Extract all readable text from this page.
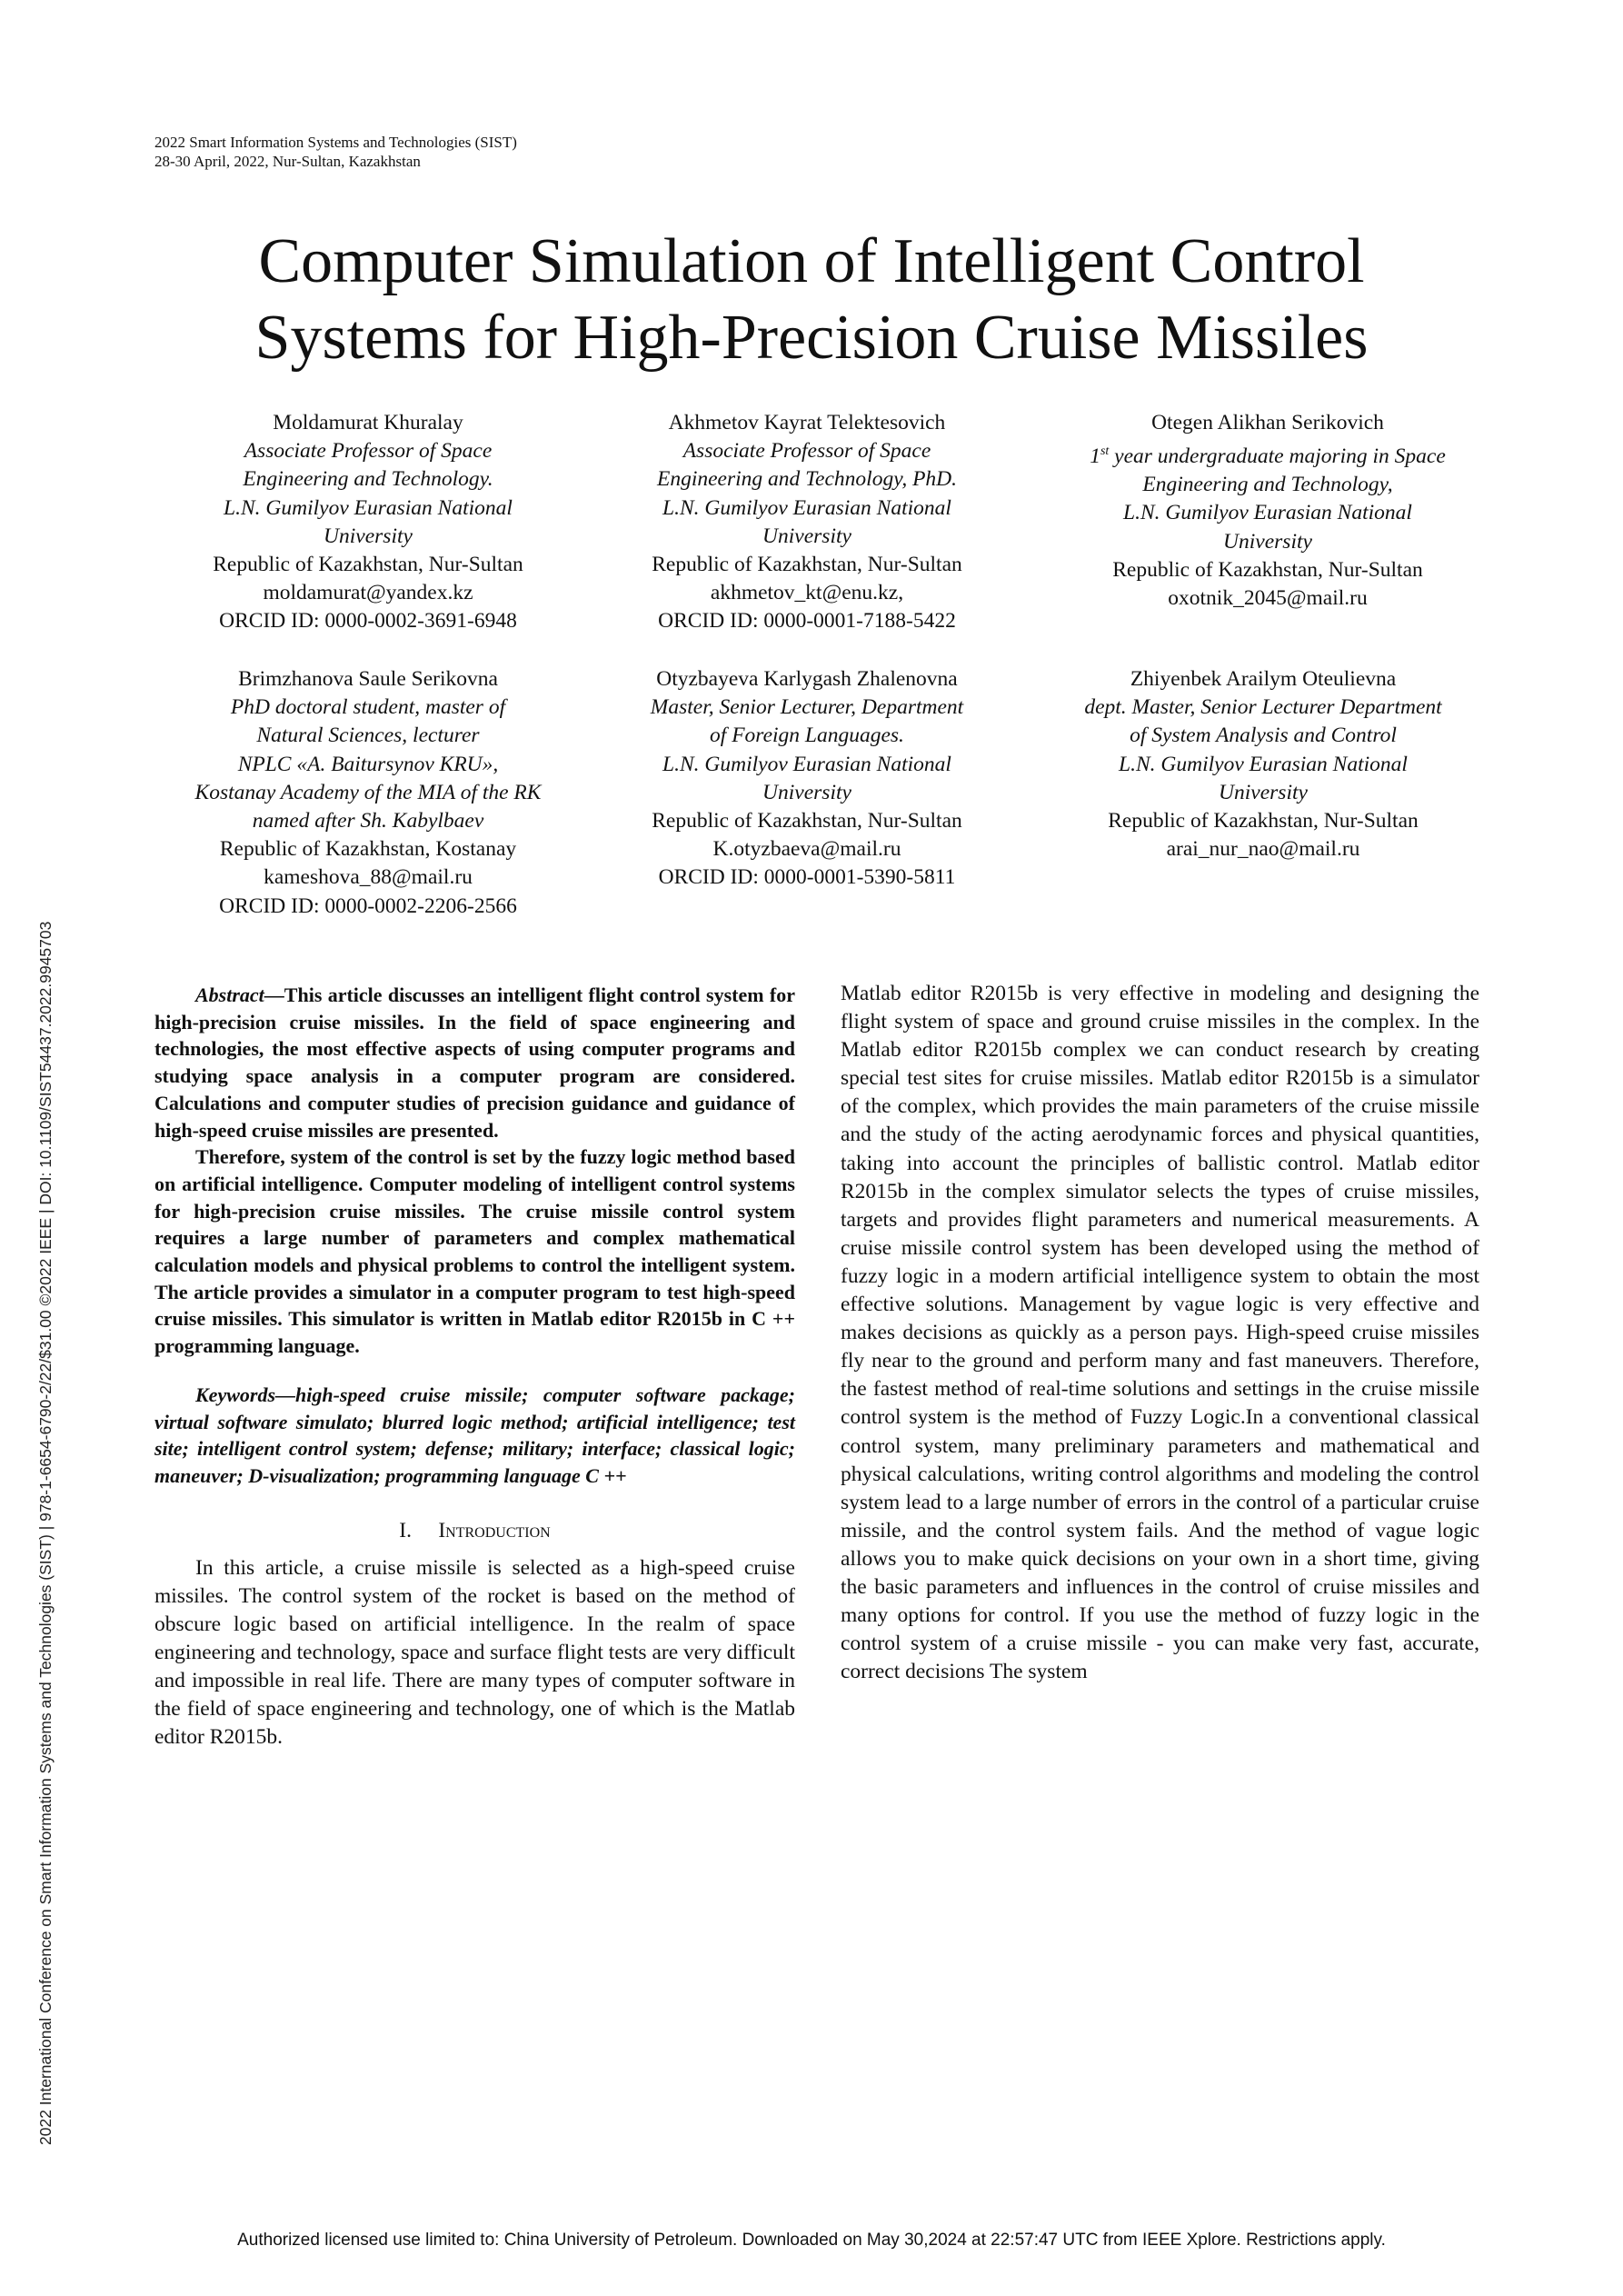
2022 Smart Information Systems and Technologies (SIST)
28-30 April, 2022, Nur-Sultan, Kazakhstan
Computer Simulation of Intelligent Control
Systems for High-Precision Cruise Missiles
Moldamurat Khuralay
Associate Professor of Space
Engineering and Technology.
L.N. Gumilyov Eurasian National
University
Republic of Kazakhstan, Nur-Sultan
moldamurat@yandex.kz
ORCID ID: 0000-0002-3691-6948
Akhmetov Kayrat Telektesovich
Associate Professor of Space
Engineering and Technology, PhD.
L.N. Gumilyov Eurasian National
University
Republic of Kazakhstan, Nur-Sultan
akhmetov_kt@enu.kz,
ORCID ID: 0000-0001-7188-5422
Otegen Alikhan Serikovich
1st year undergraduate majoring in Space
Engineering and Technology,
L.N. Gumilyov Eurasian National
University
Republic of Kazakhstan, Nur-Sultan
oxotnik_2045@mail.ru
Brimzhanova Saule Serikovna
PhD doctoral student, master of
Natural Sciences, lecturer
NPLC «A. Baitursynov KRU»,
Kostanay Academy of the MIA of the RK
named after Sh. Kabylbaev
Republic of Kazakhstan, Kostanay
kameshova_88@mail.ru
ORCID ID: 0000-0002-2206-2566
Otyzbayeva Karlygash Zhalenovna
Master, Senior Lecturer, Department
of Foreign Languages.
L.N. Gumilyov Eurasian National
University
Republic of Kazakhstan, Nur-Sultan
K.otyzbaeva@mail.ru
ORCID ID: 0000-0001-5390-5811
Zhiyenbek Arailym Oteulievna
dept. Master, Senior Lecturer Department
of System Analysis and Control
L.N. Gumilyov Eurasian National
University
Republic of Kazakhstan, Nur-Sultan
arai_nur_nao@mail.ru

Abstract—This article discusses an intelligent flight control system for high-precision cruise missiles. In the field of space engineering and technologies, the most effective aspects of using computer programs and studying space analysis in a computer program are considered. Calculations and computer studies of precision guidance and guidance of high-speed cruise missiles are presented.

Therefore, system of the control is set by the fuzzy logic method based on artificial intelligence. Computer modeling of intelligent control systems for high-precision cruise missiles. The cruise missile control system requires a large number of parameters and complex mathematical calculation models and physical problems to control the intelligent system. The article provides a simulator in a computer program to test high-speed cruise missiles. This simulator is written in Matlab editor R2015b in C ++ programming language.

Keywords—high-speed cruise missile; computer software package; virtual software simulato; blurred logic method; artificial intelligence; test site; intelligent control system; defense; military; interface; classical logic; maneuver; D-visualization; programming language C ++

I. Introduction

In this article, a cruise missile is selected as a high-speed cruise missiles. The control system of the rocket is based on the method of obscure logic based on artificial intelligence. In the realm of space engineering and technology, space and surface flight tests are very difficult and impossible in real life. There are many types of computer software in the field of space engineering and technology, one of which is the Matlab editor R2015b.

Matlab editor R2015b is very effective in modeling and designing the flight system of space and ground cruise missiles in the complex. In the Matlab editor R2015b complex we can conduct research by creating special test sites for cruise missiles. Matlab editor R2015b is a simulator of the complex, which provides the main parameters of the cruise missile and the study of the acting aerodynamic forces and physical quantities, taking into account the principles of ballistic control. Matlab editor R2015b in the complex simulator selects the types of cruise missiles, targets and provides flight parameters and numerical measurements. A cruise missile control system has been developed using the method of fuzzy logic in a modern artificial intelligence system to obtain the most effective solutions. Management by vague logic is very effective and makes decisions as quickly as a person pays. High-speed cruise missiles fly near to the ground and perform many and fast maneuvers. Therefore, the fastest method of real-time solutions and settings in the cruise missile control system is the method of Fuzzy Logic.In a conventional classical control system, many preliminary parameters and mathematical and physical calculations, writing control algorithms and modeling the control system lead to a large number of errors in the control of a particular cruise missile, and the control system fails. And the method of vague logic allows you to make quick decisions on your own in a short time, giving the basic parameters and influences in the control of cruise missiles and many options for control. If you use the method of fuzzy logic in the control system of a cruise missile - you can make very fast, accurate, correct decisions The system

2022 International Conference on Smart Information Systems and Technologies (SIST) | 978-1-6654-6790-2/22/$31.00 ©2022 IEEE | DOI: 10.1109/SIST54437.2022.9945703
Authorized licensed use limited to: China University of Petroleum. Downloaded on May 30,2024 at 22:57:47 UTC from IEEE Xplore. Restrictions apply.
